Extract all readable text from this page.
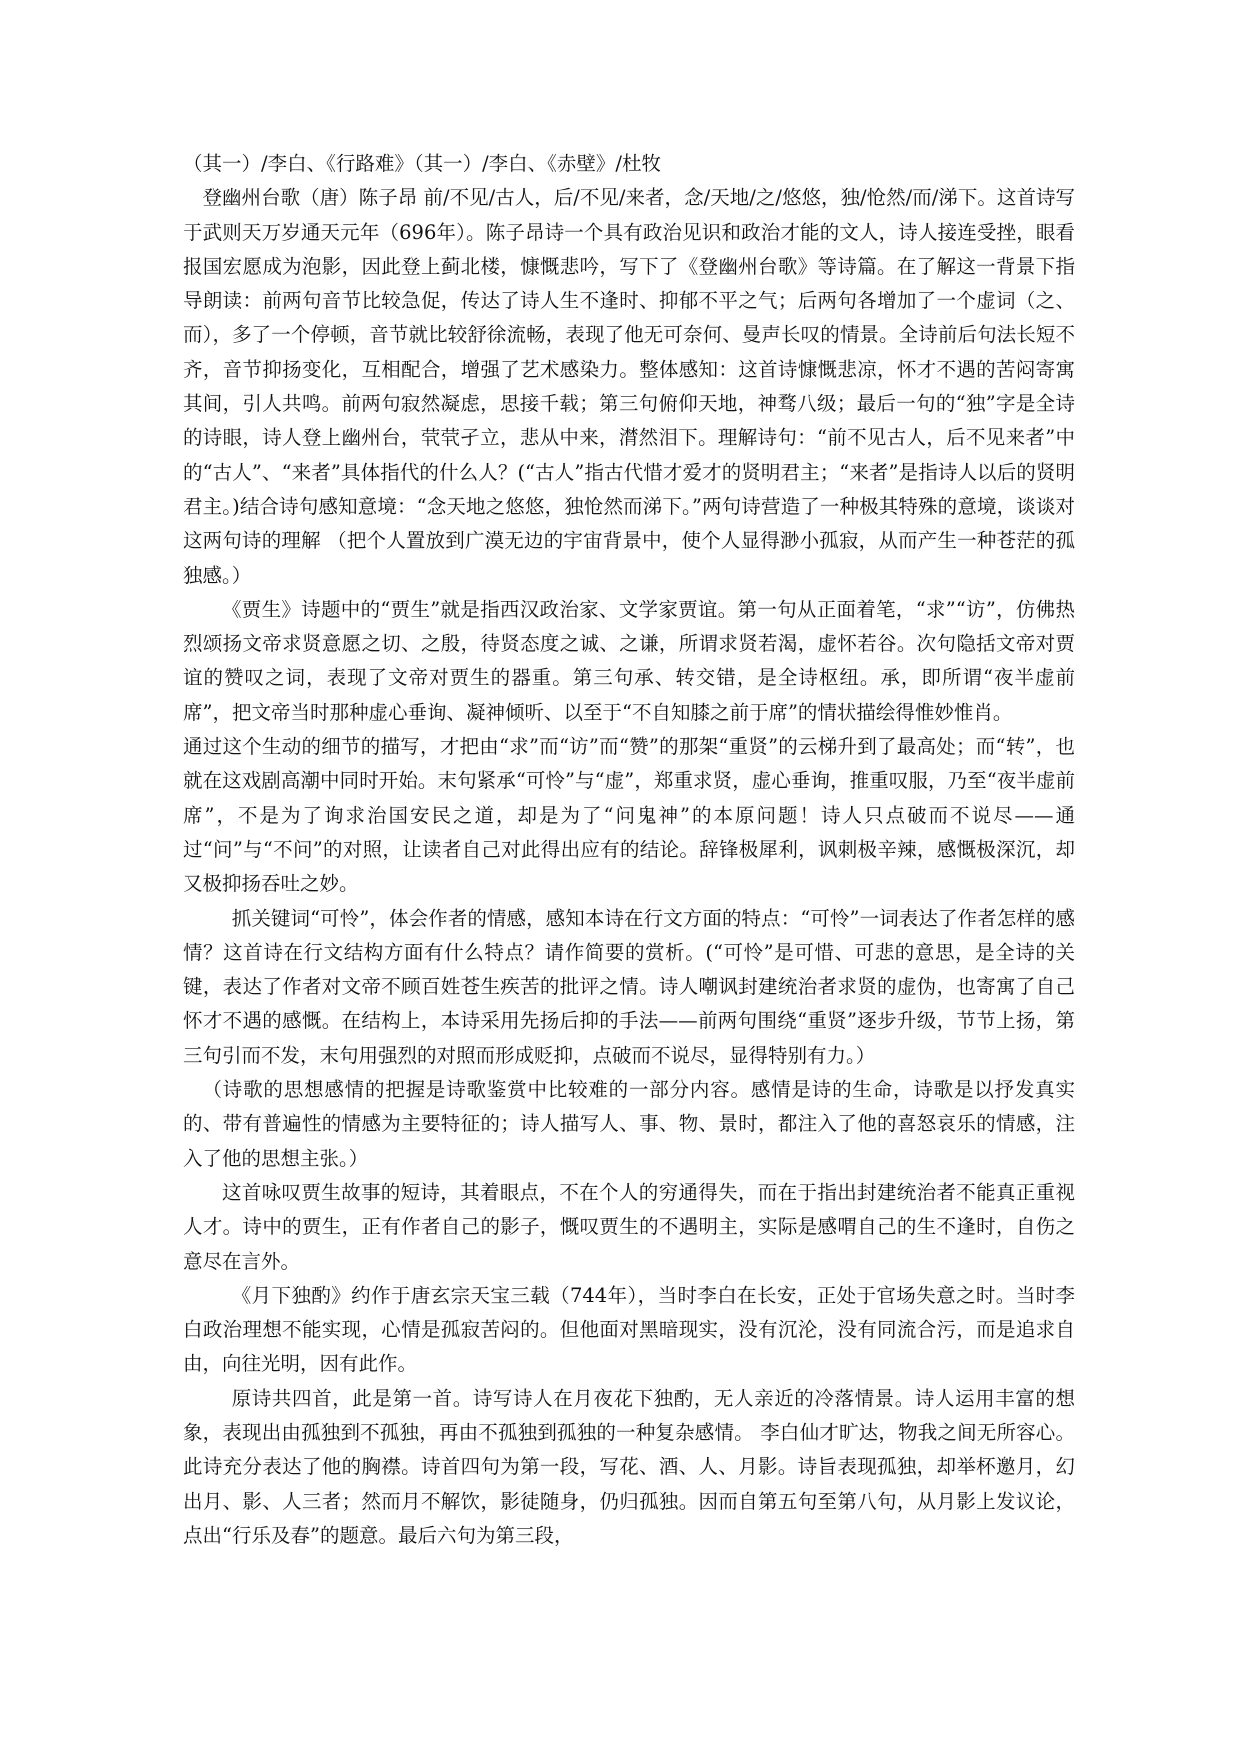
（其一）/李白、《行路难》（其一）/李白、《赤壁》/杜牧

登幽州台歌（唐）陈子昂 前/不见/古人，后/不见/来者，念/天地/之/悠悠，独/怆然/而/涕下。这首诗写于武则天万岁通天元年（696年）。陈子昂诗一个具有政治见识和政治才能的文人，诗人接连受挫，眼看报国宏愿成为泡影，因此登上蓟北楼，慷慨悲吟，写下了《登幽州台歌》等诗篇。在了解这一背景下指导朗读：前两句音节比较急促，传达了诗人生不逢时、抑郁不平之气；后两句各增加了一个虚词（之、而），多了一个停顿，音节就比较舒徐流畅，表现了他无可奈何、曼声长叹的情景。全诗前后句法长短不齐，音节抑扬变化，互相配合，增强了艺术感染力。整体感知：这首诗慷慨悲凉，怀才不遇的苦闷寄寓其间，引人共鸣。前两句寂然凝虑，思接千载；第三句俯仰天地，神骛八级；最后一句的“独”字是全诗的诗眼，诗人登上幽州台，茕茕孑立，悲从中来，潸然泪下。理解诗句：“前不见古人，后不见来者”中的“古人”、“来者”具体指代的什么人？(“古人”指古代惜才爱才的贤明君主；“来者”是指诗人以后的贤明君主。)结合诗句感知意境：“念天地之悠悠，独怆然而涕下。”两句诗营造了一种极其特殊的意境，谈谈对这两句诗的理解 （把个人置放到广漠无边的宇宙背景中，使个人显得渺小孤寂，从而产生一种苍茫的孤独感。）

《贾生》诗题中的“贾生”就是指西汉政治家、文学家贾谊。第一句从正面着笔，“求”“访”，仿佛热烈颂扬文帝求贤意愿之切、之殷，待贤态度之诚、之谦，所谓求贤若渴，虚怀若谷。次句隐括文帝对贾谊的赞叹之词，表现了文帝对贾生的器重。第三句承、转交错，是全诗枢纽。承，即所谓“夜半虚前席”，把文帝当时那种虚心垂询、凝神倾听、以至于“不自知膝之前于席”的情状描绘得惟妙惟肖。

通过这个生动的细节的描写，才把由“求”而“访”而“赞”的那架“重贤”的云梯升到了最高处；而“转”，也就在这戏剧高潮中同时开始。末句紧承“可怜”与“虚”，郑重求贤，虚心垂询，推重叹服，乃至“夜半虚前席”，不是为了询求治国安民之道，却是为了“问鬼神”的本原问题！诗人只点破而不说尽——通过“问”与“不问”的对照，让读者自己对此得出应有的结论。辞锋极犀利，讽刺极辛辣，感慨极深沉，却又极抑扬吞吐之妙。

抓关键词“可怜”，体会作者的情感，感知本诗在行文方面的特点：“可怜”一词表达了作者怎样的感情？这首诗在行文结构方面有什么特点？请作简要的赏析。(“可怜”是可惜、可悲的意思，是全诗的关键，表达了作者对文帝不顾百姓苍生疾苦的批评之情。诗人嘲讽封建统治者求贤的虚伪，也寄寓了自己怀才不遇的感慨。在结构上，本诗采用先扬后抑的手法——前两句围绕“重贤”逐步升级，节节上扬，第三句引而不发，末句用强烈的对照而形成贬抑，点破而不说尽，显得特别有力。）

（诗歌的思想感情的把握是诗歌鉴赏中比较难的一部分内容。感情是诗的生命，诗歌是以抒发真实的、带有普遍性的情感为主要特征的；诗人描写人、事、物、景时，都注入了他的喜怒哀乐的情感，注入了他的思想主张。）

这首咏叹贾生故事的短诗，其着眼点，不在个人的穷通得失，而在于指出封建统治者不能真正重视人才。诗中的贾生，正有作者自己的影子，慨叹贾生的不遇明主，实际是感喟自己的生不逢时，自伤之意尽在言外。

《月下独酌》约作于唐玄宗天宝三载（744年），当时李白在长安，正处于官场失意之时。当时李白政治理想不能实现，心情是孤寂苦闷的。但他面对黑暗现实，没有沉沦，没有同流合污，而是追求自由，向往光明，因有此作。

原诗共四首，此是第一首。诗写诗人在月夜花下独酌，无人亲近的冷落情景。诗人运用丰富的想象，表现出由孤独到不孤独，再由不孤独到孤独的一种复杂感情。 李白仙才旷达，物我之间无所容心。此诗充分表达了他的胸襟。诗首四句为第一段，写花、酒、人、月影。诗旨表现孤独，却举杯邀月，幻出月、影、人三者；然而月不解饮，影徒随身，仍归孤独。因而自第五句至第八句，从月影上发议论，点出“行乐及春”的题意。最后六句为第三段，
